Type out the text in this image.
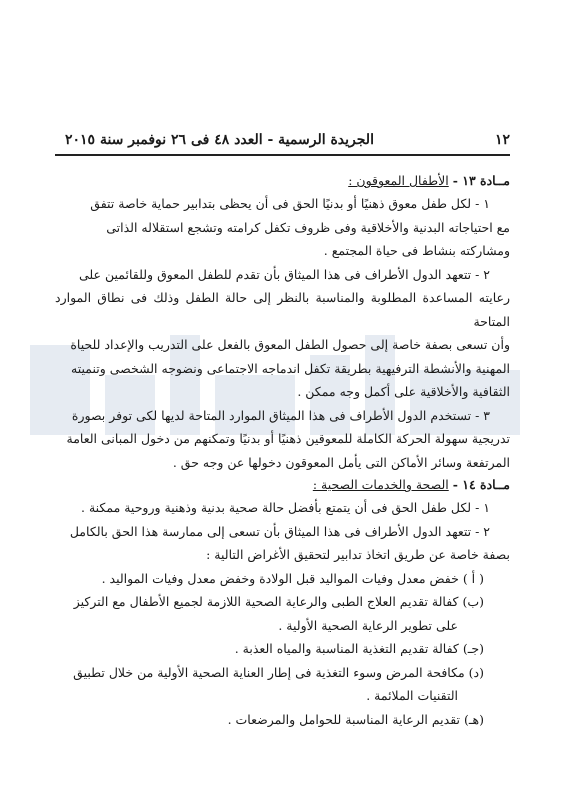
١٢
الجريدة الرسمية - العدد ٤٨ فى ٢٦ نوفمبر سنة ٢٠١٥

مــادة ١٣ - الأطفال المعوقون :

١ - لكل طفل معوق ذهنيًا أو بدنيًا الحق فى أن يحظى بتدابير حماية خاصة تتفق

مع احتياجاته البدنية والأخلاقية وفى ظروف تكفل كرامته وتشجع استقلاله الذاتى

ومشاركته بنشاط فى حياة المجتمع .

٢ - تتعهد الدول الأطراف فى هذا الميثاق بأن تقدم للطفل المعوق وللقائمين على

رعايته المساعدة المطلوبة والمناسبة بالنظر إلى حالة الطفل وذلك فى نطاق الموارد المتاحة

وأن تسعى بصفة خاصة إلى حصول الطفل المعوق بالفعل على التدريب والإعداد للحياة

المهنية والأنشطة الترفيهية بطريقة تكفل اندماجه الاجتماعى ونضوجه الشخصى وتنميته

الثقافية والأخلاقية على أكمل وجه ممكن .

٣ - تستخدم الدول الأطراف فى هذا الميثاق الموارد المتاحة لديها لكى توفر بصورة

تدريجية سهولة الحركة الكاملة للمعوقين ذهنيًا أو بدنيًا وتمكنهم من دخول المبانى العامة

المرتفعة وسائر الأماكن التى يأمل المعوقون دخولها عن وجه حق .

مــادة ١٤ - الصحة والخدمات الصحية :

١ - لكل طفل الحق فى أن يتمتع بأفضل حالة صحية بدنية وذهنية وروحية ممكنة .

٢ - تتعهد الدول الأطراف فى هذا الميثاق بأن تسعى إلى ممارسة هذا الحق بالكامل

بصفة خاصة عن طريق اتخاذ تدابير لتحقيق الأغراض التالية :

( أ ) خفض معدل وفيات المواليد قبل الولادة وخفض معدل وفيات المواليد .

(ب) كفالة تقديم العلاج الطبى والرعاية الصحية اللازمة لجميع الأطفال مع التركيز

على تطوير الرعاية الصحية الأولية .

(جـ) كفالة تقديم التغذية المناسبة والمياه العذبة .

(د) مكافحة المرض وسوء التغذية فى إطار العناية الصحية الأولية من خلال تطبيق

التقنيات الملائمة .

(هـ) تقديم الرعاية المناسبة للحوامل والمرضعات .
